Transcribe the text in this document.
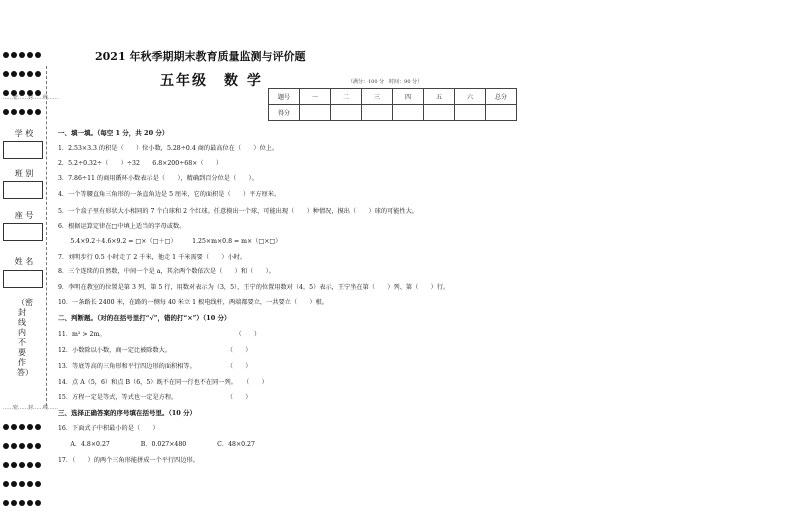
……密……封……线……
学 校
班 别
座 号
姓 名
（密封线内不要作答）
……密……封……线……

2021 年秋季期期末教育质量监测与评价题
五年级　数 学	（满分：100 分　时间：90 分）
题号	一	二	三	四	五	六	总分
得分							
一、填一填。（每空 1 分，共 20 分）
1．2.53×3.3 的积是（　　）位小数，5.28÷0.4 商的最高位在（　　）位上。
2．5.2÷0.32÷（　　）÷32　　6.8×200÷68×（　　）
3．7.86÷11 的商用循环小数表示是（　　），精确到百分位是（　　）。
4．一个等腰直角三角形的一条直角边是 5 厘米，它的面积是（　　）平方厘米。
5．一个盒子里有形状大小相同的 7 个白球和 2 个红球。任意摸出一个球，可能出现（　　）种情况，摸出（　　）球的可能性大。
6．根据运算定律在□中填上适当的字母或数。
　　5.4×9.2＋4.6×9.2 = □×（□＋□）　　　1.25×m×0.8 = m×（□×□）
7．刘明步行 0.5 小时走了 2 千米，他走 1 千米需要（　　）小时。
8．三个连续的自然数，中间一个是 a，其余两个数依次是（　　）和（　　）。
9．李明在教室的位置是第 3 列、第 5 行，用数对表示为（3，5），王宁的位置用数对（4，5）表示，王宁坐在第（　　）列、第（　　）行。
10．一条路长 2400 米，在路的一侧每 40 米立 1 根电线杆，两端都要立，一共要立（　　）根。
二、判断题。（对的在括号里打“√”，错的打“×”）（10 分）
11．m² > 2m。　　　　　　　　　　　　　　　　　　　　　　（　　）
12．小数除以小数，商一定比被除数大。　　　　　　　　　　（　　）
13．等底等高的三角形和平行四边形的面积相等。　　　　　　（　　）
14．点 A（5，6）和点 B（6，5）既不在同一行也不在同一列。　　（　　）
15．方程一定是等式，等式也一定是方程。　　　　　　　　　（　　）
三、选择正确答案的序号填在括号里。（10 分）
16．下面式子中积最小的是（　　）
　　A．4.8×0.27　　　　　B．0.027×480　　　　　C．48×0.27
17．（　　）的两个三角形能拼成一个平行四边形。
